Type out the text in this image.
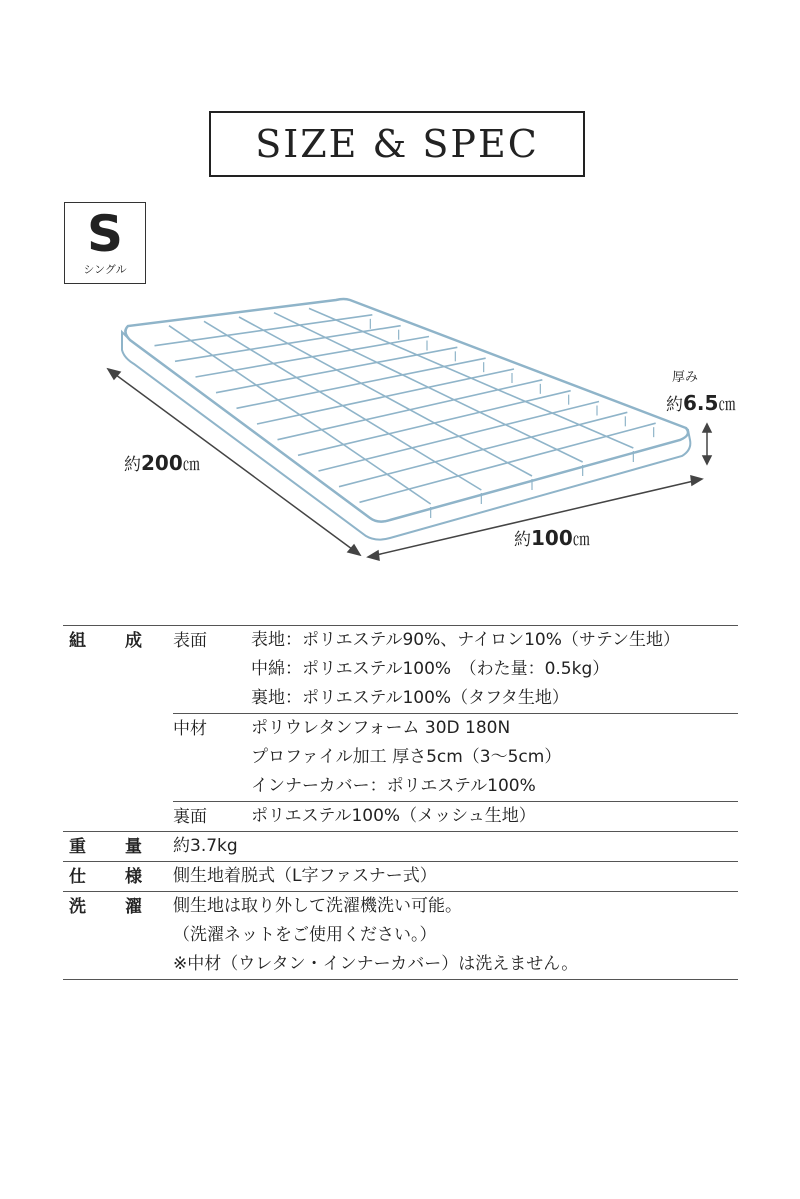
SIZE & SPEC
S
シングル
厚み
約6.5㎝
約200㎝
約100㎝
組 成	表面	表地：ポリエステル90%、ナイロン10%（サテン生地）
中綿：ポリエステル100%　（わた量：0.5kg）
裏地：ポリエステル100%（タフタ生地）

	中材	ポリウレタンフォーム 30D 180N
プロファイル加工 厚さ5cm（3〜5cm）
インナーカバー：ポリエステル100%

	裏面	ポリエステル100%（メッシュ生地）

重 量	約3.7kg	

仕 様	側生地着脱式（L字ファスナー式）	

洗 濯	側生地は取り外して洗濯機洗い可能。
（洗濯ネットをご使用ください。）
※中材（ウレタン・インナーカバー）は洗えません。	
